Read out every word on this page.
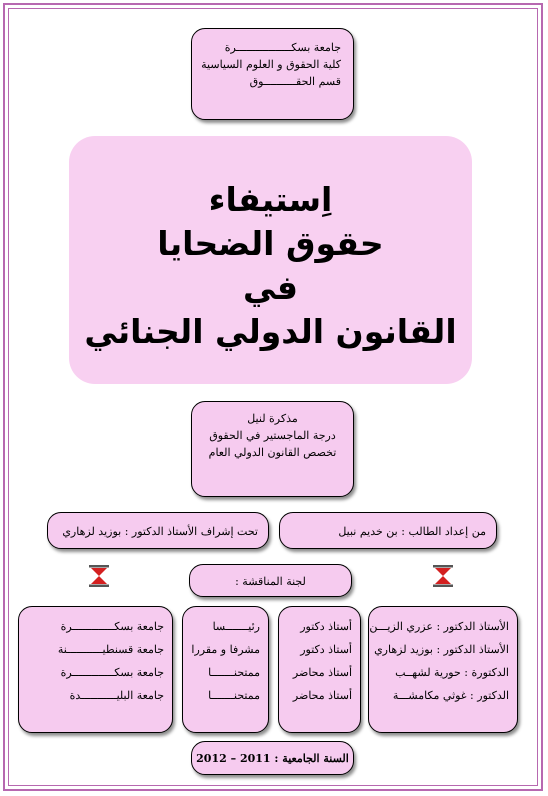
جامعة بسكـــــــــــــــــرة
كلية الحقوق و العلوم السياسية
قسم الحقــــــــــوق
اِستيفاء
حقوق الضحايا
في
القانون الدولي الجنائي
مذكرة لنيل
درجة الماجستير في الحقوق
تخصص القانون الدولي العام
من إعداد الطالب : بن خديم نبيل
تحت إشراف الأستاذ الدكتور : بوزيد لزهاري
لجنة المناقشة :
الأستاذ الدكتور : عزري الزيـــن
الأستاذ الدكتور : بوزيد لزهاري
الدكتورة : حورية لشهــب
الدكتور : غوثي مكامشـــة
أستاذ دكتور
أستاذ دكتور
أستاذ محاضر
أستاذ محاضر
رئيـــــــسا
مشرفا و مقررا
ممتحنـــــــا
ممتحنـــــــا
جامعة بسكـــــــــــــرة
جامعة قسنطيـــــــــــنة
جامعة بسكـــــــــــــرة
جامعة البليـــــــــــدة
السنة الجامعية : 2011 – 2012
